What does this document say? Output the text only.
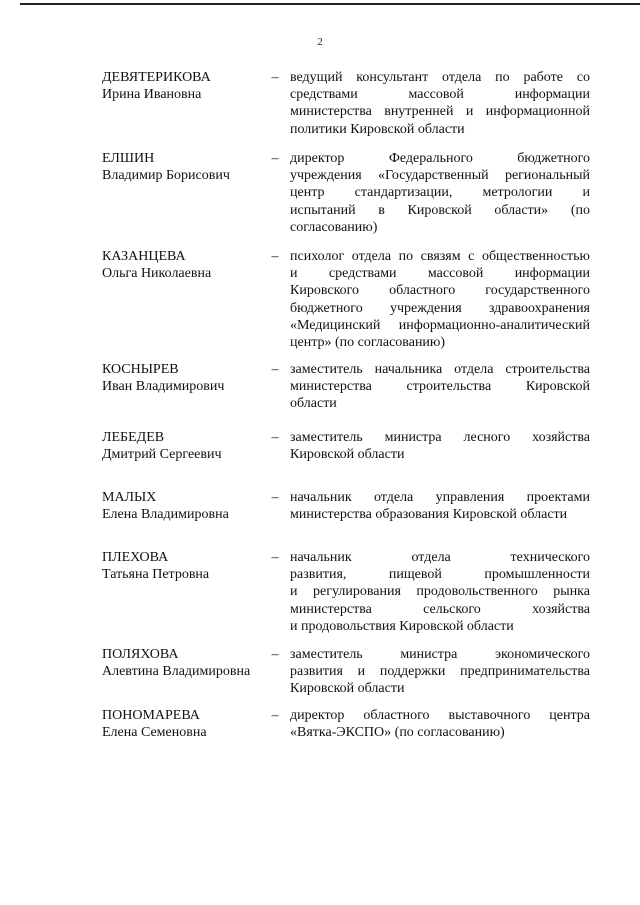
2
ДЕВЯТЕРИКОВА
Ирина Ивановна
– ведущий консультант отдела по работе со
средствами массовой информации
министерства внутренней и информационной
политики Кировской области
ЕЛШИН
Владимир Борисович
– директор Федерального бюджетного
учреждения «Государственный региональный
центр стандартизации, метрологии и
испытаний в Кировской области» (по
согласованию)
КАЗАНЦЕВА
Ольга Николаевна
– психолог отдела по связям с общественностью
и средствами массовой информации
Кировского областного государственного
бюджетного учреждения здравоохранения
«Медицинский информационно-аналитический
центр» (по согласованию)
КОСНЫРЕВ
Иван Владимирович
– заместитель начальника отдела строительства
министерства строительства Кировской
области
ЛЕБЕДЕВ
Дмитрий Сергеевич
– заместитель министра лесного хозяйства
Кировской области
МАЛЫХ
Елена Владимировна
– начальник отдела управления проектами
министерства образования Кировской области
ПЛЕХОВА
Татьяна Петровна
– начальник отдела технического
развития, пищевой промышленности
и регулирования продовольственного рынка
министерства сельского хозяйства
и продовольствия Кировской области
ПОЛЯХОВА
Алевтина Владимировна
– заместитель министра экономического
развития и поддержки предпринимательства
Кировской области
ПОНОМАРЕВА
Елена Семеновна
– директор областного выставочного центра
«Вятка-ЭКСПО» (по согласованию)
